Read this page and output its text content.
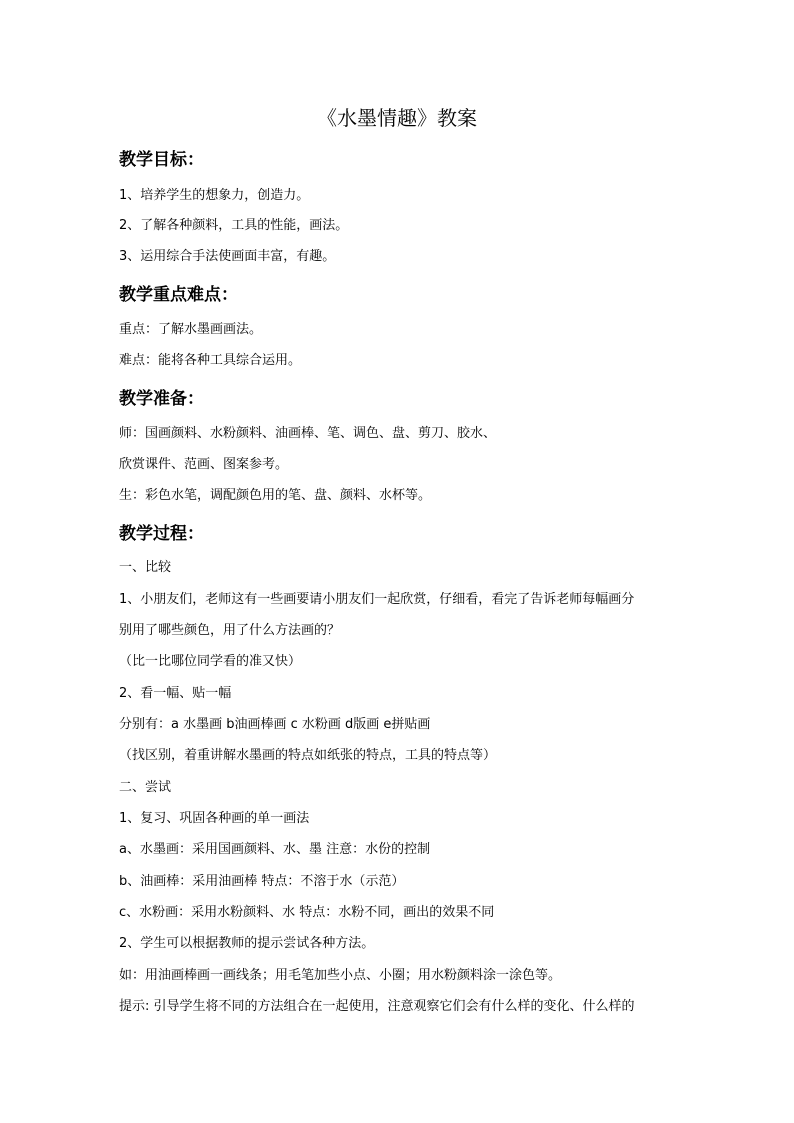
《水墨情趣》教案
教学目标：
1、培养学生的想象力，创造力。
2、了解各种颜料，工具的性能，画法。
3、运用综合手法使画面丰富，有趣。
教学重点难点：
重点：了解水墨画画法。
难点：能将各种工具综合运用。
教学准备：
师：国画颜料、水粉颜料、油画棒、笔、调色、盘、剪刀、胶水、
欣赏课件、范画、图案参考。
生：彩色水笔，调配颜色用的笔、盘、颜料、水杯等。
教学过程：
一、比较
1、小朋友们，老师这有一些画要请小朋友们一起欣赏，仔细看，看完了告诉老师每幅画分
别用了哪些颜色，用了什么方法画的？
（比一比哪位同学看的准又快）
2、看一幅、贴一幅
分别有：a 水墨画 b油画棒画 c 水粉画 d版画 e拼贴画
（找区别，着重讲解水墨画的特点如纸张的特点，工具的特点等）
二、尝试
1、复习、巩固各种画的单一画法
a、水墨画：采用国画颜料、水、墨 注意：水份的控制
b、油画棒：采用油画棒 特点：不溶于水（示范）
c、水粉画：采用水粉颜料、水 特点：水粉不同，画出的效果不同
2、学生可以根据教师的提示尝试各种方法。
如：用油画棒画一画线条；用毛笔加些小点、小圈；用水粉颜料涂一涂色等。
提示: 引导学生将不同的方法组合在一起使用，注意观察它们会有什么样的变化、什么样的
